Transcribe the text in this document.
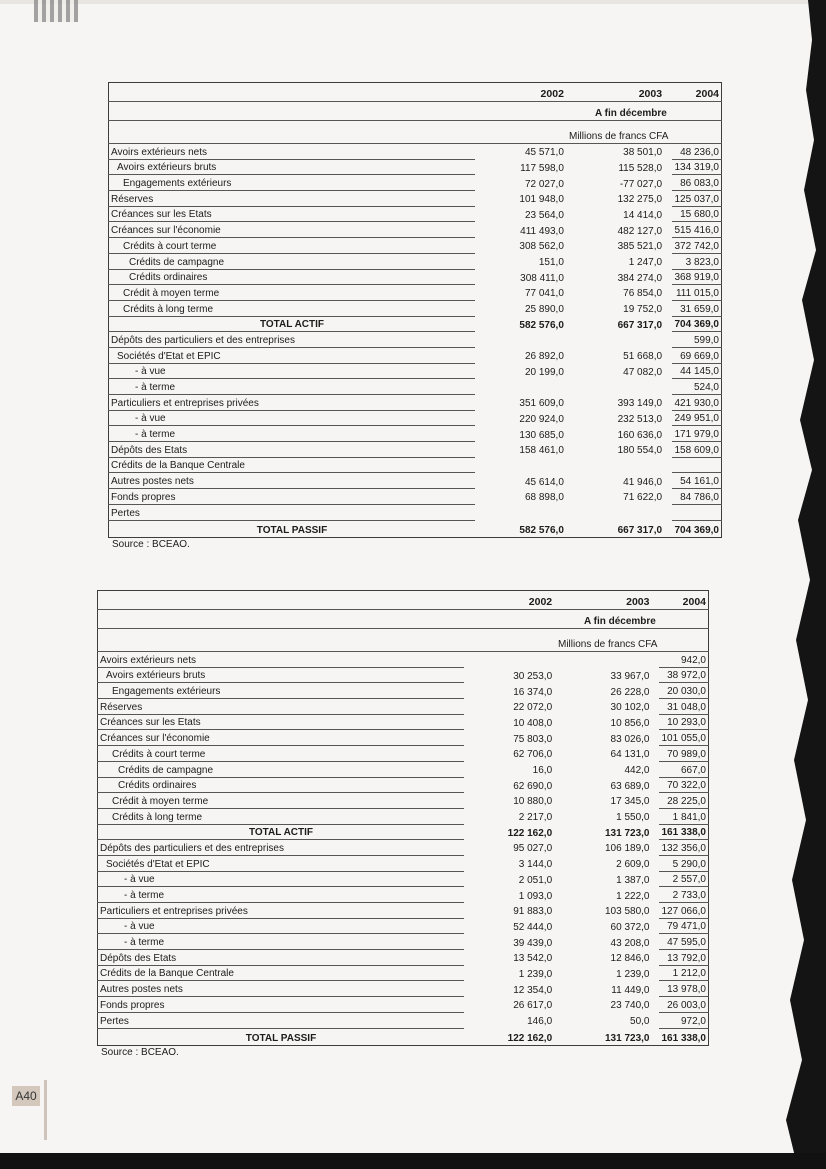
	2002	2003	2004
	A fin décembre		
	Millions de francs CFA		
Avoirs extérieurs nets	45 571,0	38 501,0	48 236,0
Avoirs extérieurs bruts	117 598,0	115 528,0	134 319,0
Engagements extérieurs	72 027,0	-77 027,0	86 083,0
Réserves	101 948,0	132 275,0	125 037,0
Créances sur les Etats	23 564,0	14 414,0	15 680,0
Créances sur l'économie	411 493,0	482 127,0	515 416,0
Crédits à court terme	308 562,0	385 521,0	372 742,0
Crédits de campagne	151,0	1 247,0	3 823,0
Crédits ordinaires	308 411,0	384 274,0	368 919,0
Crédit à moyen terme	77 041,0	76 854,0	111 015,0
Crédits à long terme	25 890,0	19 752,0	31 659,0
TOTAL ACTIF	582 576,0	667 317,0	704 369,0
Dépôts des particuliers et des entreprises			599,0
Sociétés d'Etat et EPIC	26 892,0	51 668,0	69 669,0
- à vue	20 199,0	47 082,0	44 145,0
- à terme			524,0
Particuliers et entreprises privées	351 609,0	393 149,0	421 930,0
- à vue	220 924,0	232 513,0	249 951,0
- à terme	130 685,0	160 636,0	171 979,0
Dépôts des Etats	158 461,0	180 554,0	158 609,0
Crédits de la Banque Centrale			
Autres postes nets	45 614,0	41 946,0	54 161,0
Fonds propres	68 898,0	71 622,0	84 786,0
Pertes			
TOTAL PASSIF	582 576,0	667 317,0	704 369,0
Source : BCEAO.
	2002	2003	2004
	A fin décembre		
	Millions de francs CFA		
Avoirs extérieurs nets			942,0
Avoirs extérieurs bruts	30 253,0	33 967,0	38 972,0
Engagements extérieurs	16 374,0	26 228,0	20 030,0
Réserves	22 072,0	30 102,0	31 048,0
Créances sur les Etats	10 408,0	10 856,0	10 293,0
Créances sur l'économie	75 803,0	83 026,0	101 055,0
Crédits à court terme	62 706,0	64 131,0	70 989,0
Crédits de campagne	16,0	442,0	667,0
Crédits ordinaires	62 690,0	63 689,0	70 322,0
Crédit à moyen terme	10 880,0	17 345,0	28 225,0
Crédits à long terme	2 217,0	1 550,0	1 841,0
TOTAL ACTIF	122 162,0	131 723,0	161 338,0
Dépôts des particuliers et des entreprises	95 027,0	106 189,0	132 356,0
Sociétés d'Etat et EPIC	3 144,0	2 609,0	5 290,0
- à vue	2 051,0	1 387,0	2 557,0
- à terme	1 093,0	1 222,0	2 733,0
Particuliers et entreprises privées	91 883,0	103 580,0	127 066,0
- à vue	52 444,0	60 372,0	79 471,0
- à terme	39 439,0	43 208,0	47 595,0
Dépôts des Etats	13 542,0	12 846,0	13 792,0
Crédits de la Banque Centrale	1 239,0	1 239,0	1 212,0
Autres postes nets	12 354,0	11 449,0	13 978,0
Fonds propres	26 617,0	23 740,0	26 003,0
Pertes	146,0	50,0	972,0
TOTAL PASSIF	122 162,0	131 723,0	161 338,0
Source : BCEAO.
A40
